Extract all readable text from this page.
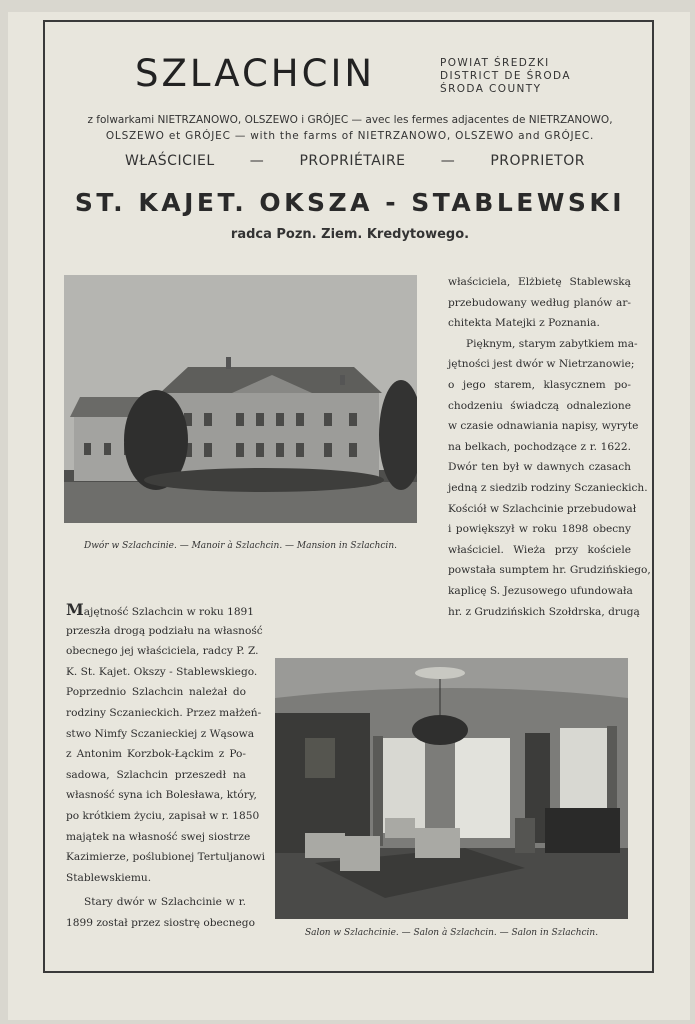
SZLACHCIN	POWIAT ŚREDZKI
DISTRICT DE ŚRODA
ŚRODA COUNTY
z folwarkami NIETRZANOWO, OLSZEWO i GRÓJEC — avec les fermes adjacentes de NIETRZANOWO,
OLSZEWO et GRÓJEC — with the farms of NIETRZANOWO, OLSZEWO and GRÓJEC.
WŁAŚCICIEL	—	PROPRIÉTAIRE	—	PROPRIETOR
ST. KAJET. OKSZA - STABLEWSKI
radca Pozn. Ziem. Kredytowego.
Dwór w Szlachcinie. — Manoir à Szlachcin. — Mansion in Szlachcin.
Salon w Szlachcinie. — Salon à Szlachcin. — Salon in Szlachcin.
właściciela, Elżbietę Stablewską
przebudowany według planów ar-
chitekta Matejki z Poznania.
Pięknym, starym zabytkiem ma-
jętności jest dwór w Nietrzanowie;
o jego starem, klasycznem po-
chodzeniu świadczą odnalezione
w czasie odnawiania napisy, wyryte
na belkach, pochodzące z r. 1622.
Dwór ten był w dawnych czasach
jedną z siedzib rodziny Sczanieckich.
Kościół w Szlachcinie przebudował
i powiększył w roku 1898 obecny
właściciel. Wieża przy kościele
powstała sumptem hr. Grudzińskiego,
kaplicę S. Jezusowego ufundowała
hr. z Grudzińskich Szołdrska, drugą
Majętność Szlachcin w roku 1891
przeszła drogą podziału na własność
obecnego jej właściciela, radcy P. Z.
K. St. Kajet. Okszy - Stablewskiego.
Poprzednio Szlachcin należał do
rodziny Sczanieckich. Przez małżeń-
stwo Nimfy Sczanieckiej z Wąsowa
z Antonim Korzbok-Łąckim z Po-
sadowa, Szlachcin przeszedł na
własność syna ich Bolesława, który,
po krótkiem życiu, zapisał w r. 1850
majątek na własność swej siostrze
Kazimierze, poślubionej Tertuljanowi
Stablewskiemu.
Stary dwór w Szlachcinie w r.
1899 został przez siostrę obecnego
